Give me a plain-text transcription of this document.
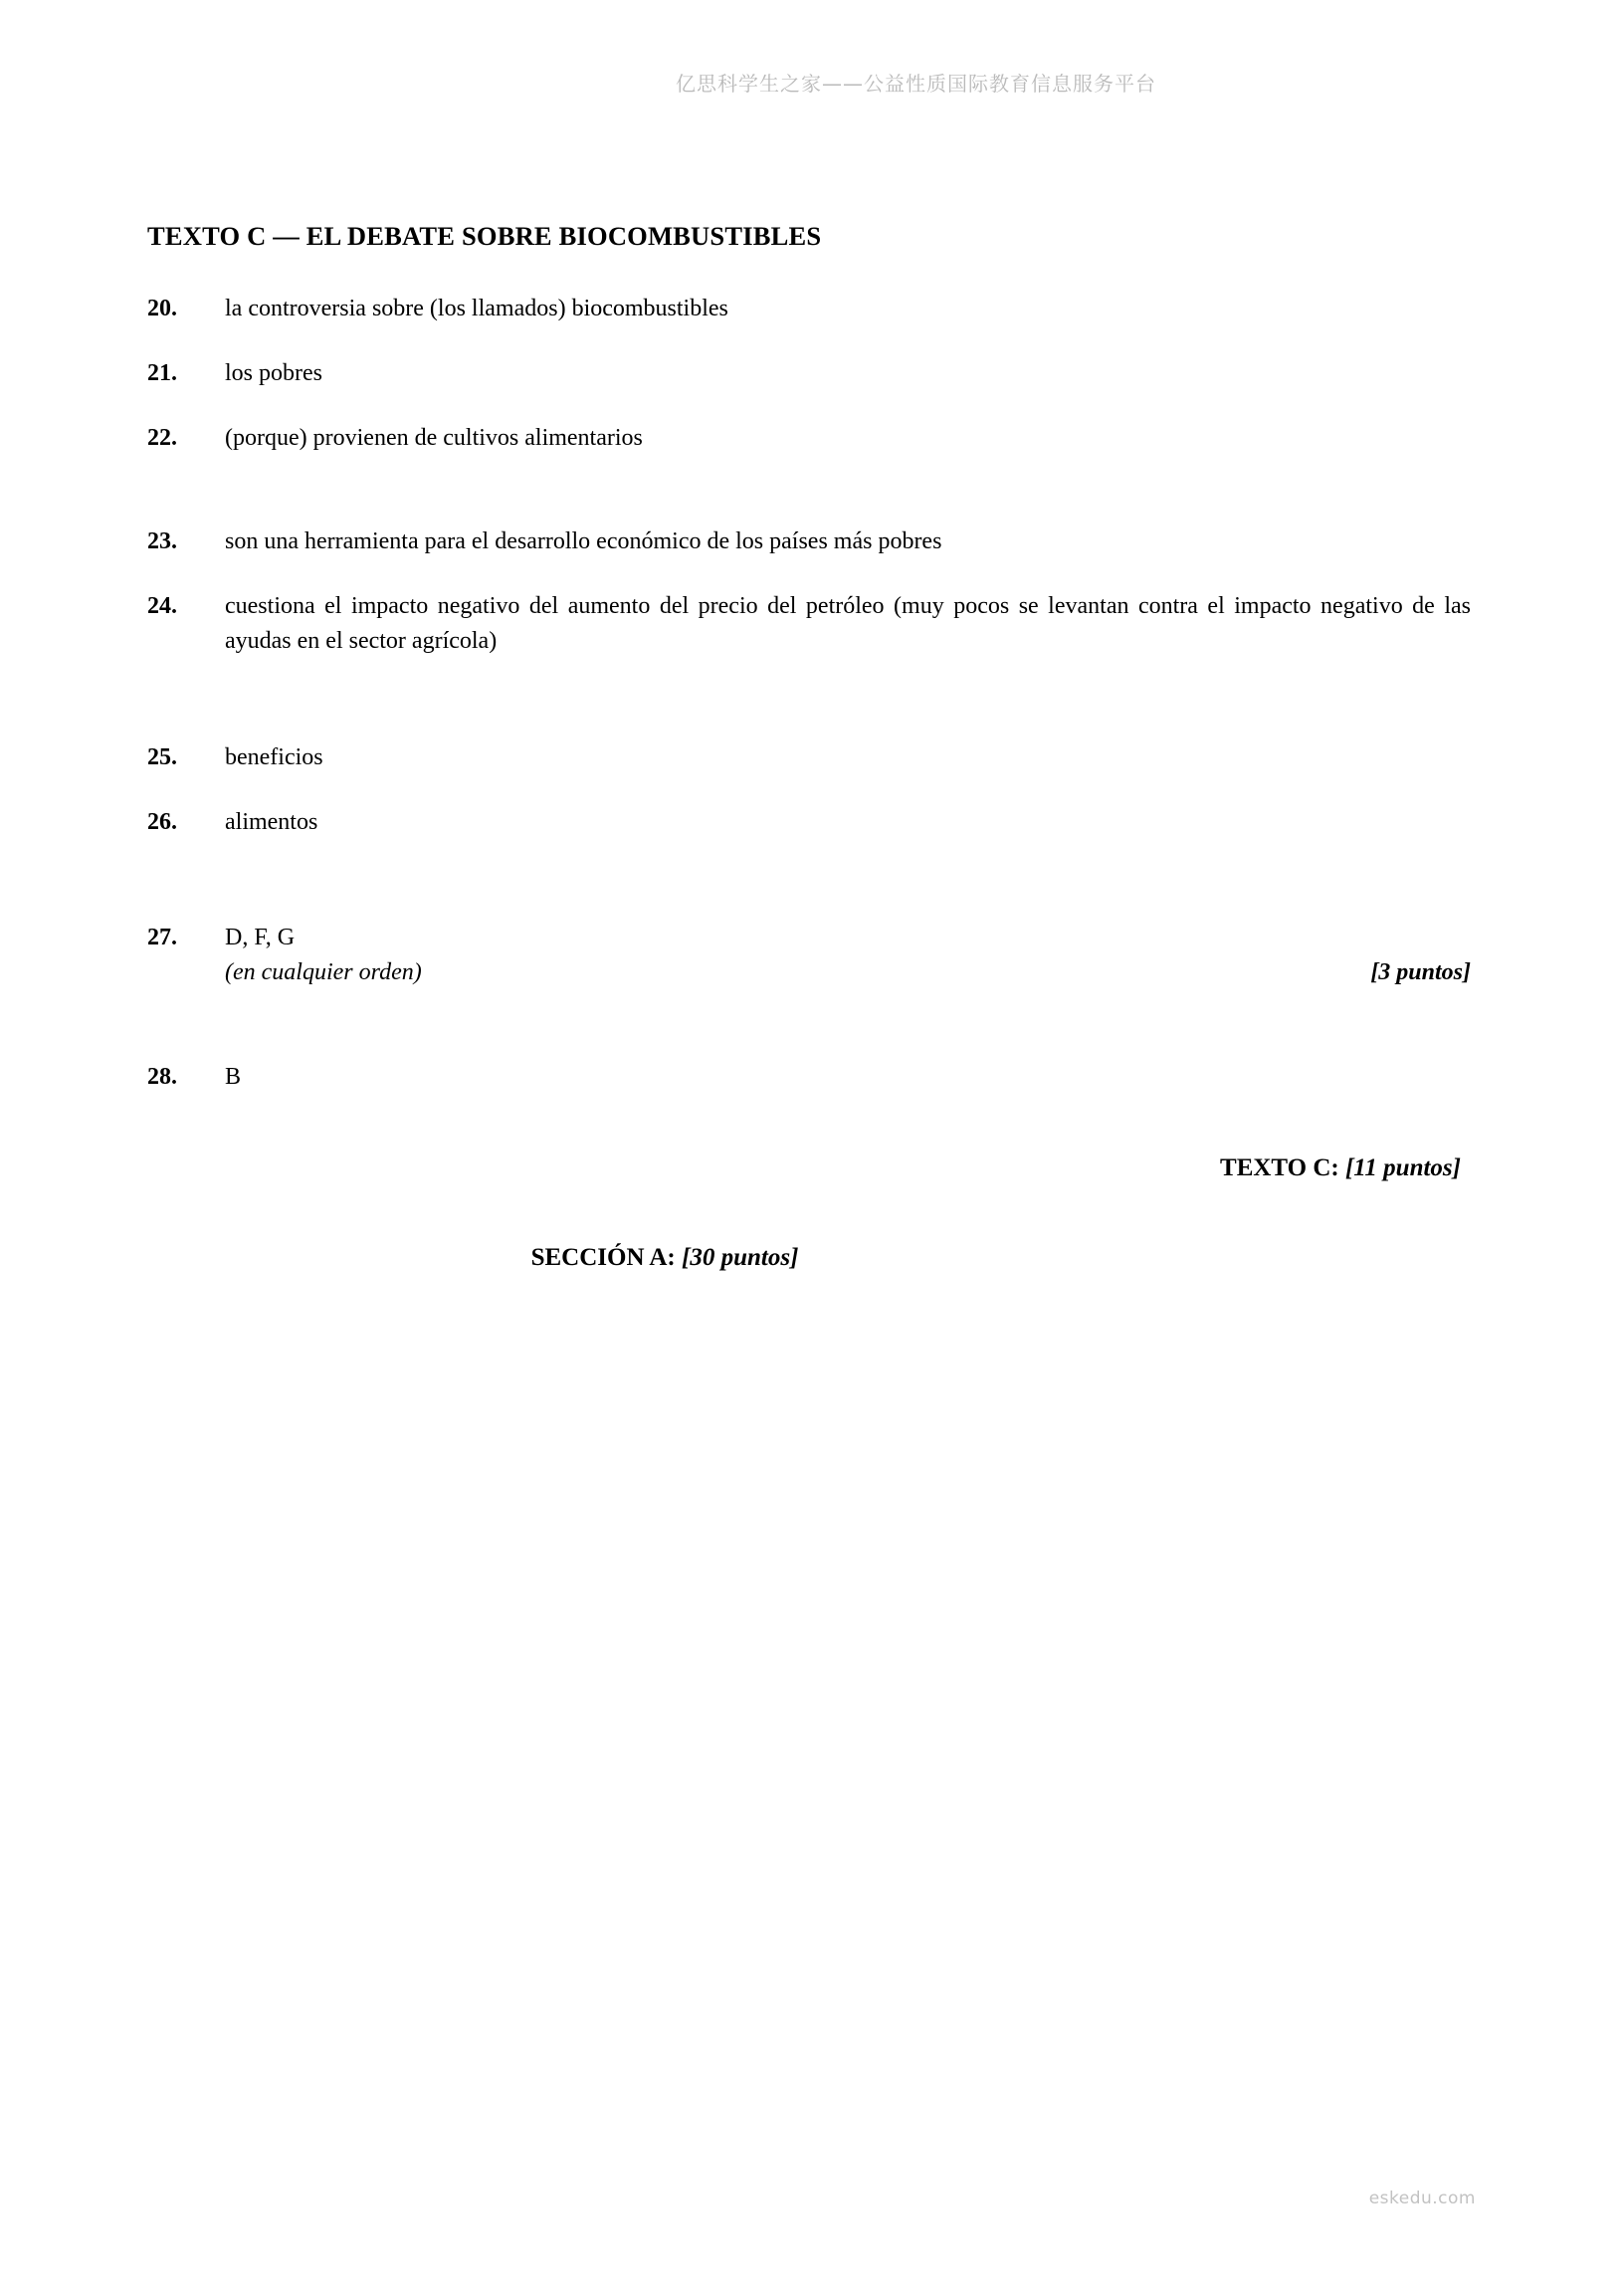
亿思科学生之家——公益性质国际教育信息服务平台
TEXTO C — EL DEBATE SOBRE BIOCOMBUSTIBLES
20.	la controversia sobre (los llamados) biocombustibles
21.	los pobres
22.	(porque) provienen de cultivos alimentarios
23.	son una herramienta para el desarrollo económico de los países más pobres
24.	cuestiona el impacto negativo del aumento del precio del petróleo (muy pocos se levantan contra el impacto negativo de las ayudas en el sector agrícola)
25.	beneficios
26.	alimentos
27.	D, F, G
(en cualquier orden)	[3 puntos]
28.	B
TEXTO C: [11 puntos]
SECCIÓN A: [30 puntos]
eskedu.com
